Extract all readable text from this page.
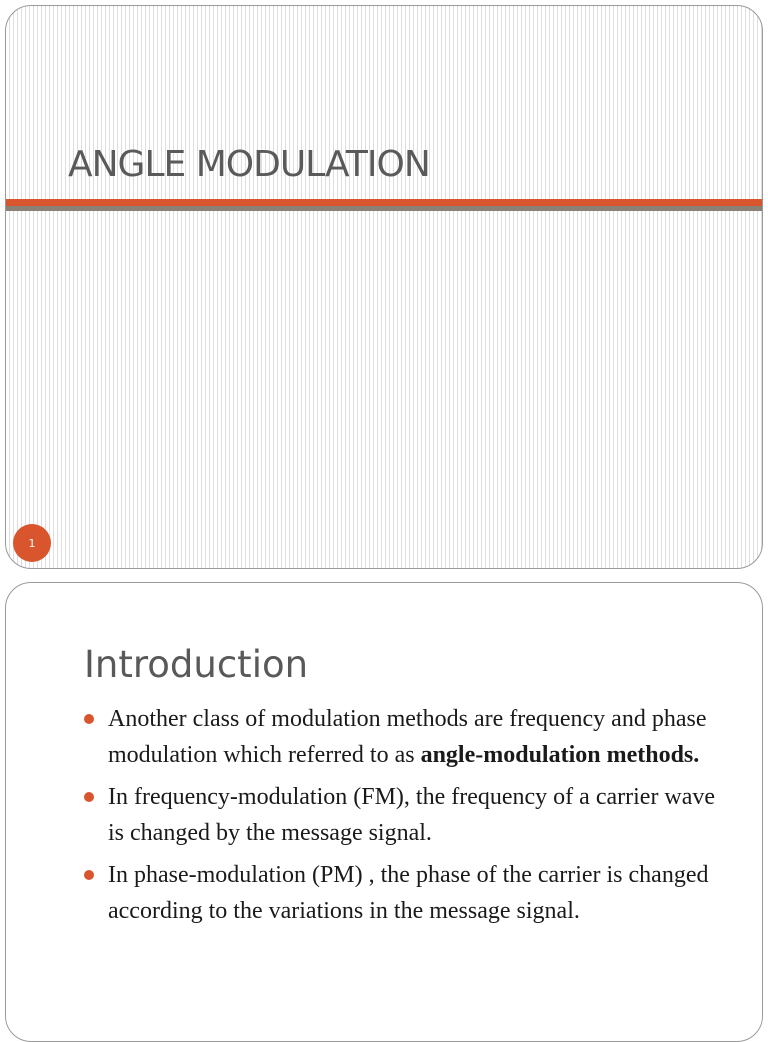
ANGLE MODULATION
1
Introduction
Another class of modulation methods are frequency and phase modulation which referred to as angle-modulation methods.
In frequency-modulation (FM), the frequency of a carrier wave is changed by the message signal.
In phase-modulation (PM) , the phase of the carrier is changed according to the variations in the message signal.
